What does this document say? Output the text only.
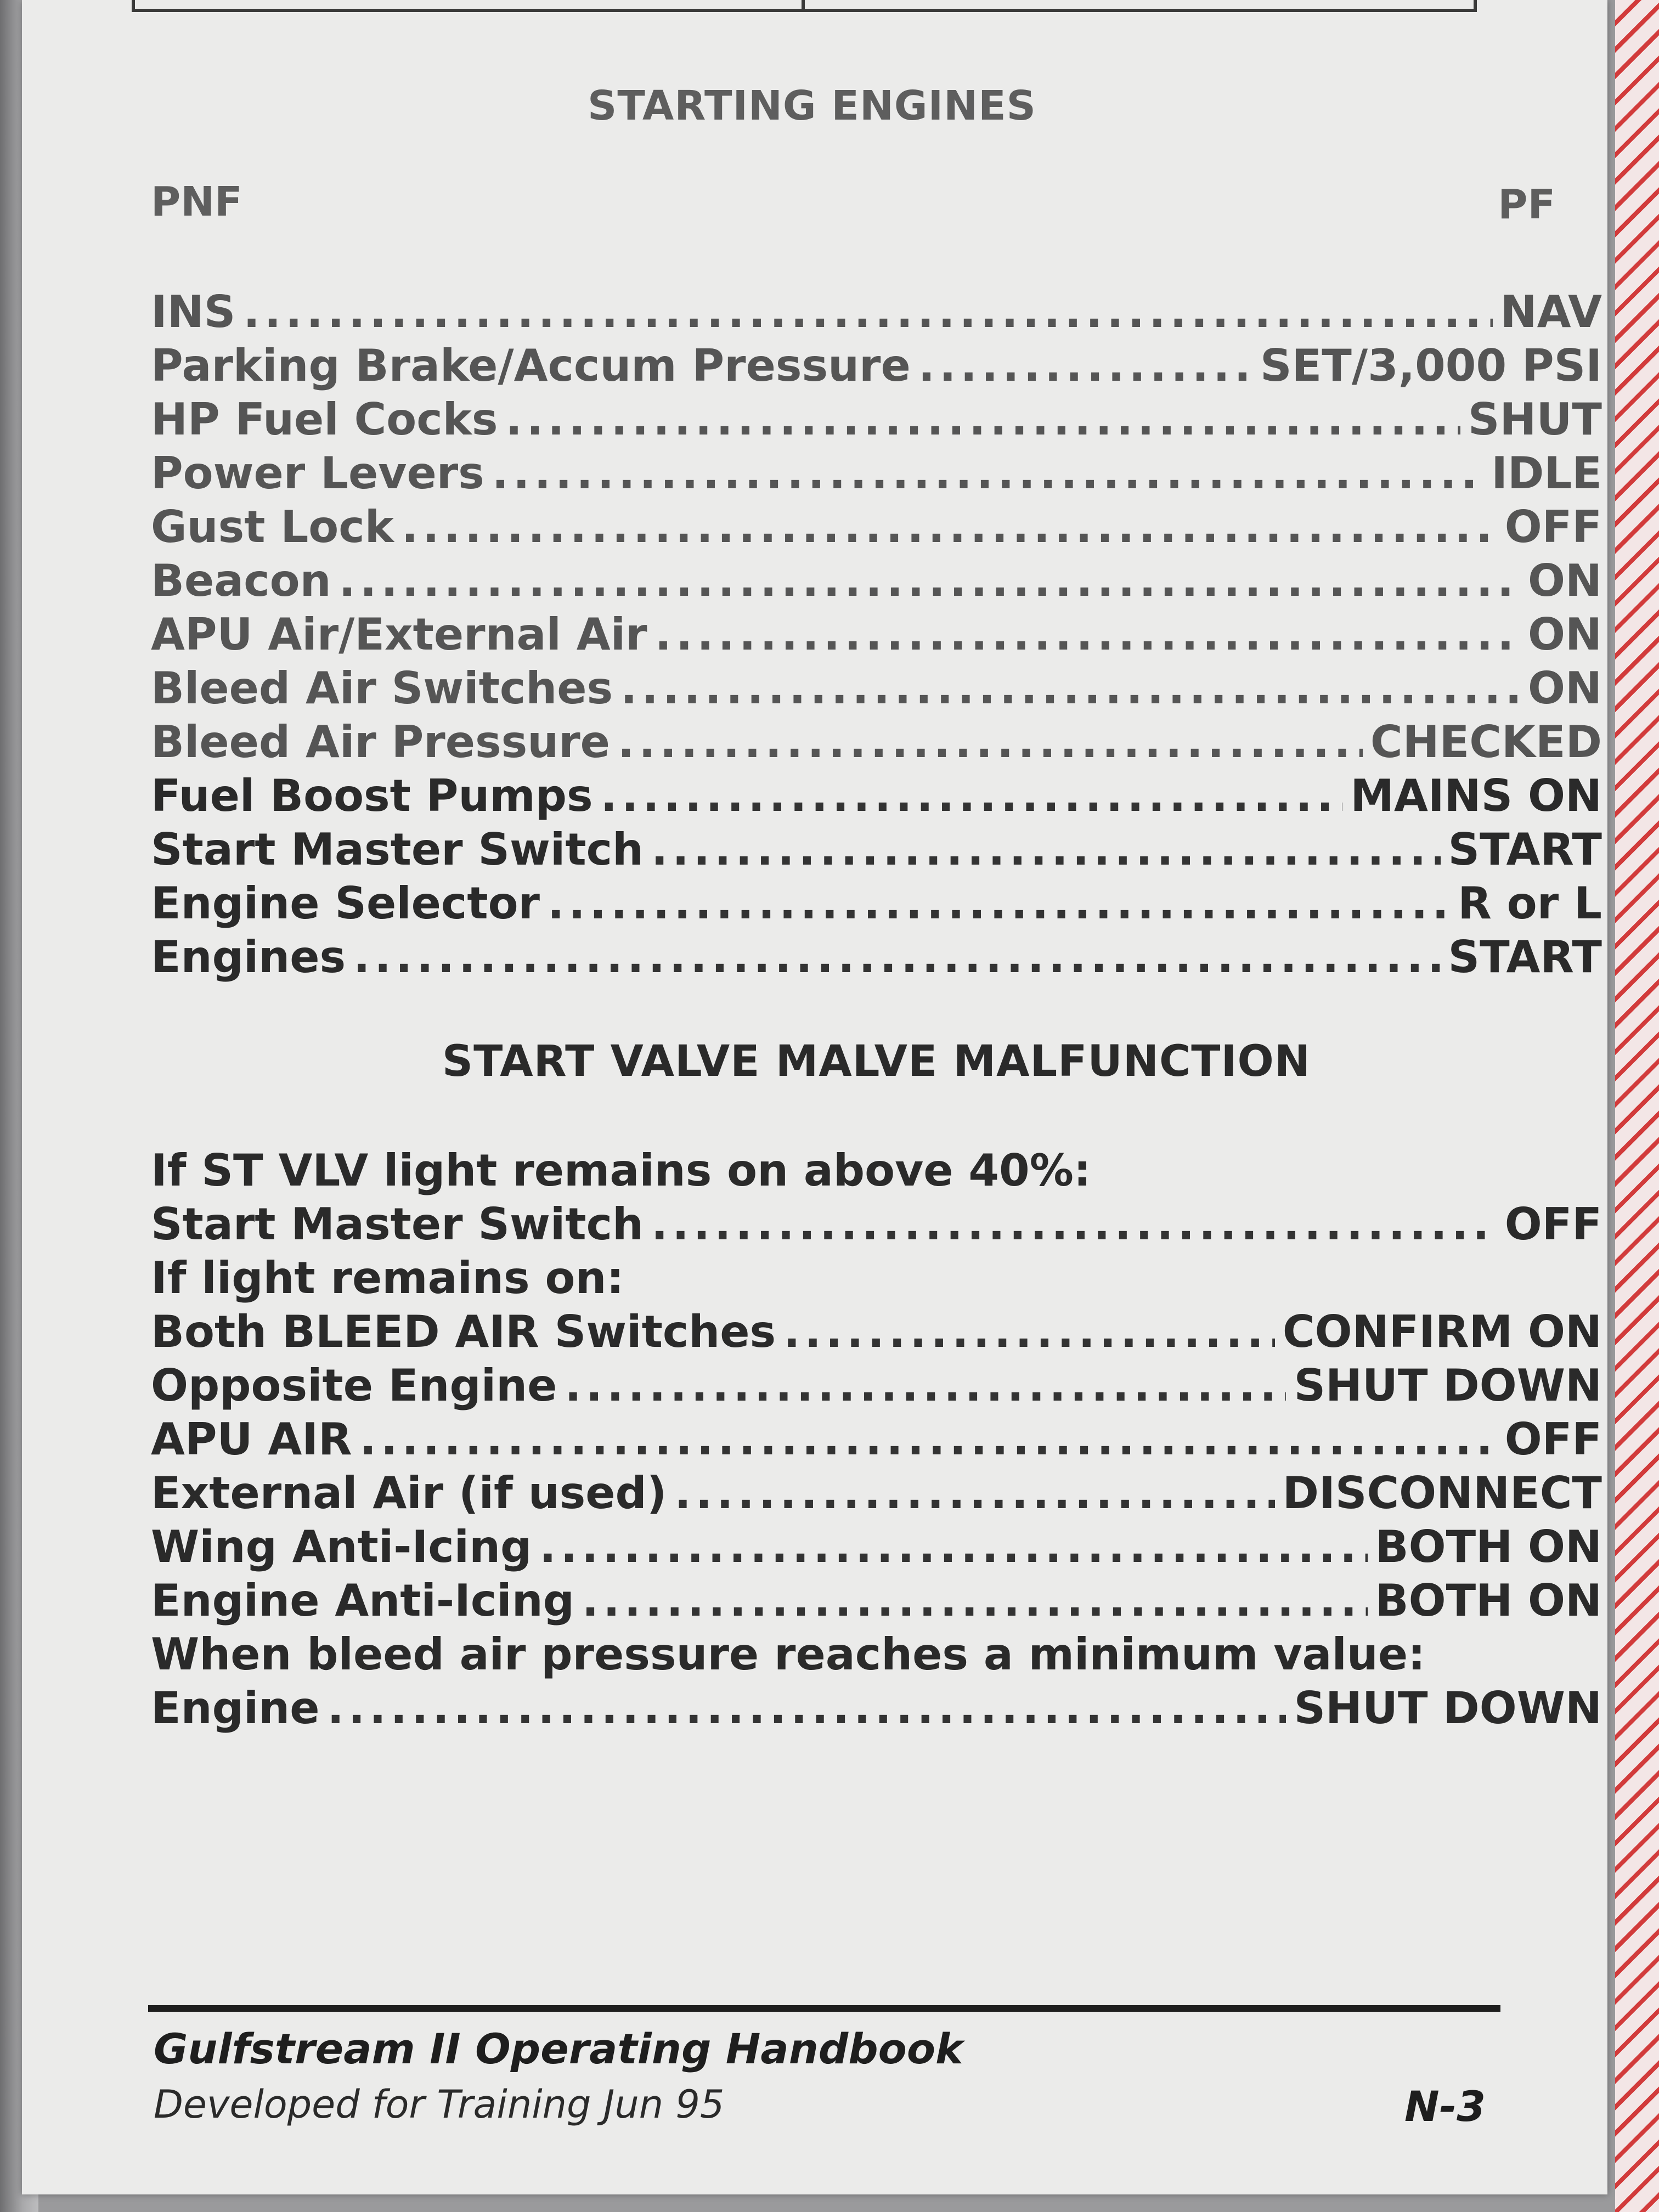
STARTING ENGINES
PNF	PF
INS .....	NAV
Parking Brake/Accum Pressure .....	SET/3,000 PSI
HP Fuel Cocks .....	SHUT
Power Levers .....	IDLE
Gust Lock .....	OFF
Beacon .....	ON
APU Air/External Air .....	ON
Bleed Air Switches .....	ON
Bleed Air Pressure .....	CHECKED
Fuel Boost Pumps .....	MAINS ON
Start Master Switch .....	START
Engine Selector .....	R or L
Engines .....	START
START VALVE MALVE MALFUNCTION
If ST VLV light remains on above 40%:
Start Master Switch .....	OFF
If light remains on:
Both BLEED AIR Switches .....	CONFIRM ON
Opposite Engine .....	SHUT DOWN
APU AIR .....	OFF
External Air (if used) .....	DISCONNECT
Wing Anti-Icing .....	BOTH ON
Engine Anti-Icing .....	BOTH ON
When bleed air pressure reaches a minimum value:
Engine .....	SHUT DOWN
Gulfstream II Operating Handbook
Developed for Training Jun 95	N-3
